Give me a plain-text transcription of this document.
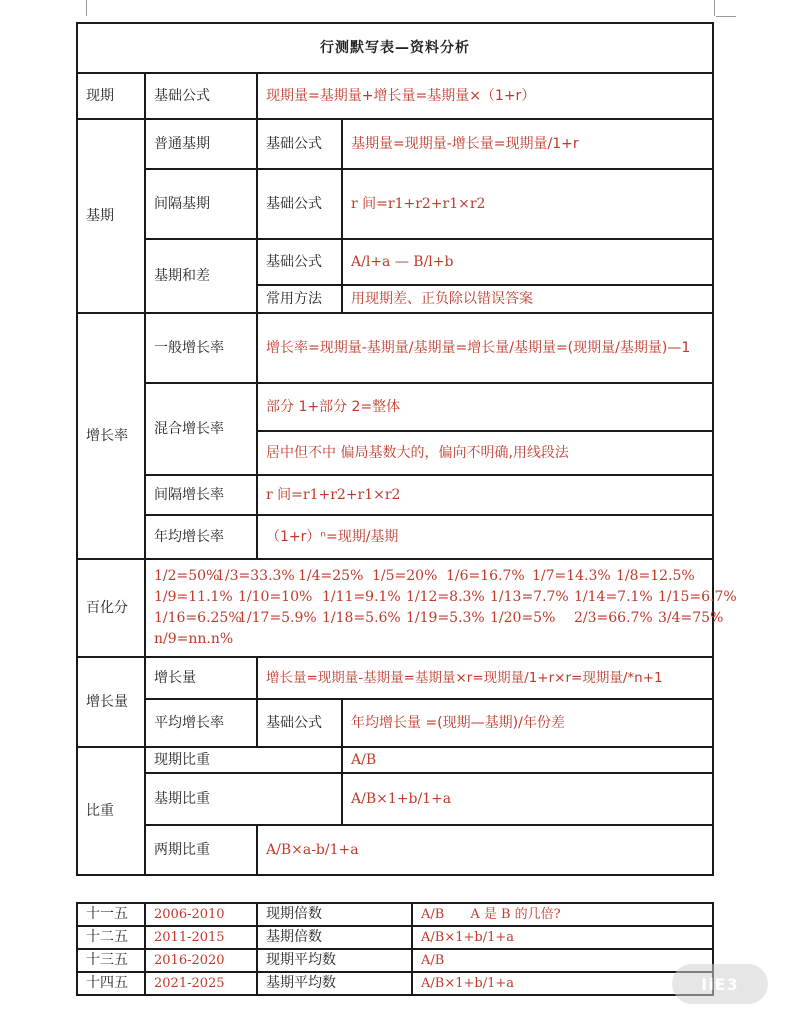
行测默写表—资料分析			
现期	基础公式	现期量=基期量+增长量=基期量×（1+r）	
基期	普通基期	基础公式	基期量=现期量-增长量=现期量/1+r
	间隔基期	基础公式	r 间=r1+r2+r1×r2
	基期和差	基础公式	A/l+a — B/l+b
		常用方法	用现期差、正负除以错误答案
增长率	一般增长率	增长率=现期量-基期量/基期量=增长量/基期量=(现期量/基期量)—1	
	混合增长率	部分 1+部分 2=整体	
		居中但不中 偏局基数大的，偏向不明确,用线段法	
	间隔增长率	r 间=r1+r2+r1×r2	
	年均增长率	（1+r）ⁿ=现期/基期	
百化分	1/2=50%1/3=33.3% 1/4=25% 1/5=20% 1/6=16.7% 1/7=14.3% 1/8=12.5%
1/9=11.1% 1/10=10% 1/11=9.1% 1/12=8.3% 1/13=7.7% 1/14=7.1% 1/15=6.7%
1/16=6.25%1/17=5.9% 1/18=5.6% 1/19=5.3% 1/20=5% 2/3=66.7% 3/4=75%
n/9=nn.n%		

增长量	增长量	增长量=现期量-基期量=基期量×r=现期量/1+r×r=现期量/*n+1	
	平均增长率	基础公式	年均增长量 =(现期—基期)/年份差
比重	现期比重		A/B
	基期比重		A/B×1+b/1+a
	两期比重	A/B×a-b/1+a	
十一五	2006-2010	现期倍数	A/B　　A 是 B 的几倍?
十二五	2011-2015	基期倍数	A/B×1+b/1+a
十三五	2016-2020	现期平均数	A/B
十四五	2021-2025	基期平均数	A/B×1+b/1+a	IiE3
